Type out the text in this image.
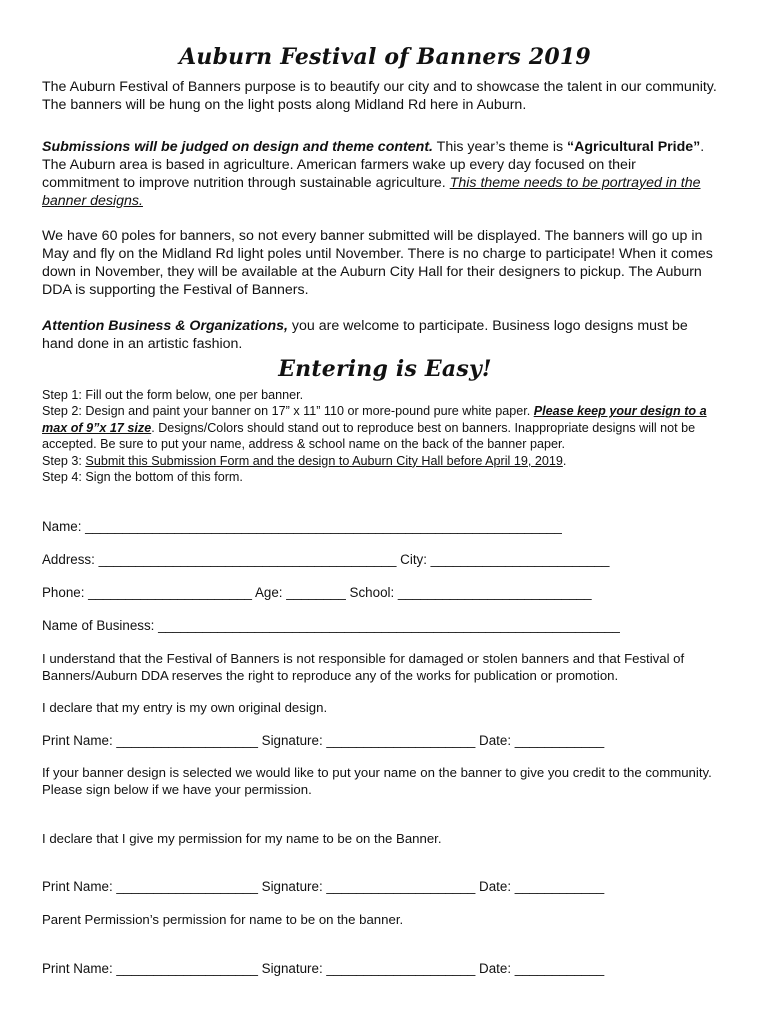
Auburn Festival of Banners 2019
The Auburn Festival of Banners purpose is to beautify our city and to showcase the talent in our community. The banners will be hung on the light posts along Midland Rd here in Auburn.
Submissions will be judged on design and theme content. This year’s theme is “Agricultural Pride”. The Auburn area is based in agriculture. American farmers wake up every day focused on their commitment to improve nutrition through sustainable agriculture. This theme needs to be portrayed in the banner designs.
We have 60 poles for banners, so not every banner submitted will be displayed. The banners will go up in May and fly on the Midland Rd light poles until November. There is no charge to participate! When it comes down in November, they will be available at the Auburn City Hall for their designers to pickup. The Auburn DDA is supporting the Festival of Banners.
Attention Business & Organizations, you are welcome to participate. Business logo designs must be hand done in an artistic fashion.
Entering is Easy!
Step 1: Fill out the form below, one per banner.
Step 2: Design and paint your banner on 17” x 11” 110 or more-pound pure white paper. Please keep your design to a max of 9”x 17 size. Designs/Colors should stand out to reproduce best on banners. Inappropriate designs will not be accepted. Be sure to put your name, address & school name on the back of the banner paper.
Step 3: Submit this Submission Form and the design to Auburn City Hall before April 19, 2019.
Step 4: Sign the bottom of this form.
Name: ________________________________________________________________
Address: ________________________________________ City: ________________________
Phone: ______________________ Age: ________ School: __________________________
Name of Business: ______________________________________________________________
I understand that the Festival of Banners is not responsible for damaged or stolen banners and that Festival of Banners/Auburn DDA reserves the right to reproduce any of the works for publication or promotion.
I declare that my entry is my own original design.
Print Name: ___________________ Signature: ____________________ Date: ____________
If your banner design is selected we would like to put your name on the banner to give you credit to the community. Please sign below if we have your permission.
I declare that I give my permission for my name to be on the Banner.
Print Name: ___________________ Signature: ____________________ Date: ____________
Parent Permission’s permission for name to be on the banner.
Print Name: ___________________ Signature: ____________________ Date: ____________
